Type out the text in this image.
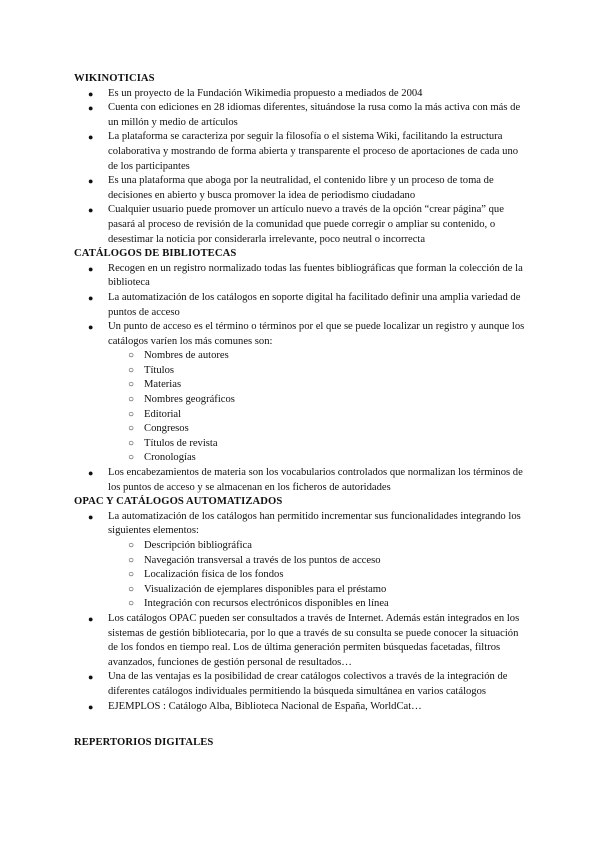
WIKINOTICIAS
● Es un proyecto de la Fundación Wikimedia propuesto a mediados de 2004
● Cuenta con ediciones en 28 idiomas diferentes, situándose la rusa como la más activa con más de un millón y medio de artículos
● La plataforma se caracteriza por seguir la filosofía o el sistema Wiki, facilitando la estructura colaborativa y mostrando de forma abierta y transparente el proceso de aportaciones de cada uno de los participantes
● Es una plataforma que aboga por la neutralidad, el contenido libre y un proceso de toma de decisiones en abierto y busca promover la idea de periodismo ciudadano
● Cualquier usuario puede promover un artículo nuevo a través de la opción “crear página” que pasará al proceso de revisión de la comunidad que puede corregir o ampliar su contenido, o desestimar la noticia por considerarla irrelevante, poco neutral o incorrecta
CATÁLOGOS DE BIBLIOTECAS
● Recogen en un registro normalizado todas las fuentes bibliográficas que forman la colección de la biblioteca
● La automatización de los catálogos en soporte digital ha facilitado definir una amplia variedad de puntos de acceso
● Un punto de acceso es el término o términos por el que se puede localizar un registro y aunque los catálogos varíen los más comunes son:
○ Nombres de autores
○ Títulos
○ Materias
○ Nombres geográficos
○ Editorial
○ Congresos
○ Títulos de revista
○ Cronologías
● Los encabezamientos de materia son los vocabularios controlados que normalizan los términos de los puntos de acceso y se almacenan en los ficheros de autoridades
OPAC Y CATÁLOGOS AUTOMATIZADOS
● La automatización de los catálogos han permitido incrementar sus funcionalidades integrando los siguientes elementos:
○ Descripción bibliográfica
○ Navegación transversal a través de los puntos de acceso
○ Localización física de los fondos
○ Visualización de ejemplares disponibles para el préstamo
○ Integración con recursos electrónicos disponibles en línea
● Los catálogos OPAC pueden ser consultados a través de Internet. Además están integrados en los sistemas de gestión bibliotecaria, por lo que a través de su consulta se puede conocer la situación de los fondos en tiempo real. Los de última generación permiten búsquedas facetadas, filtros avanzados, funciones de gestión personal de resultados…
● Una de las ventajas es la posibilidad de crear catálogos colectivos a través de la integración de diferentes catálogos individuales permitiendo la búsqueda simultánea en varios catálogos
● EJEMPLOS : Catálogo Alba, Biblioteca Nacional de España, WorldCat…
REPERTORIOS DIGITALES
